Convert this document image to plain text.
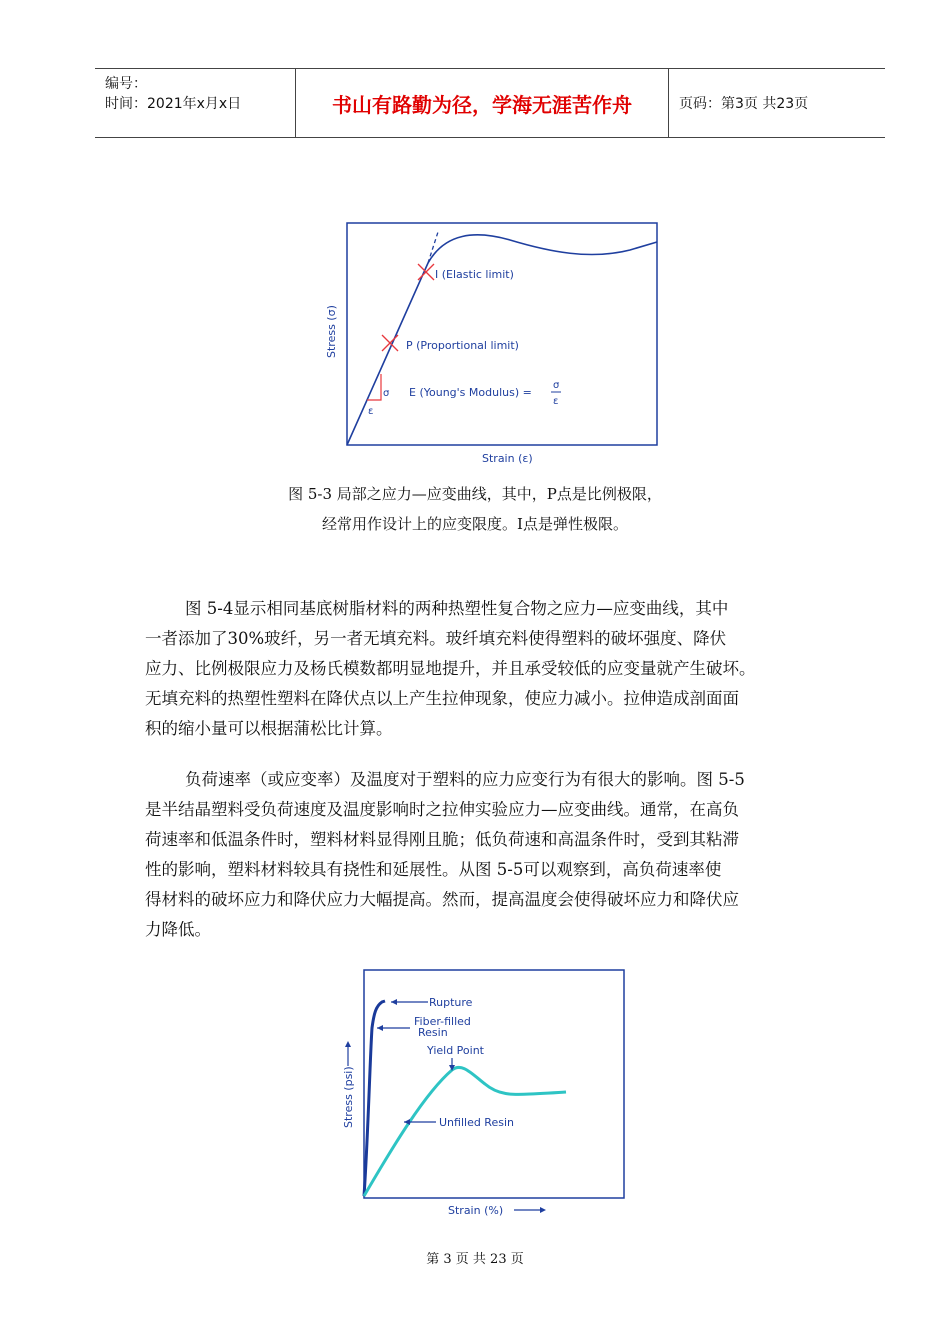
编号：
时间：2021年x月x日	书山有路勤为径，学海无涯苦作舟	页码：第3页 共23页
I (Elastic limit)
P (Proportional limit)
σ
ε
E (Young's Modulus) =
σ
ε
Strain (ε)
Stress (σ)
图 5-3 局部之应力—应变曲线，其中，P点是比例极限，
经常用作设计上的应变限度。I点是弹性极限。

图 5-4显示相同基底树脂材料的两种热塑性复合物之应力—应变曲线，其中

一者添加了30%玻纤，另一者无填充料。玻纤填充料使得塑料的破坏强度、降伏

应力、比例极限应力及杨氏模数都明显地提升，并且承受较低的应变量就产生破坏。

无填充料的热塑性塑料在降伏点以上产生拉伸现象，使应力减小。拉伸造成剖面面

积的缩小量可以根据蒲松比计算。

负荷速率（或应变率）及温度对于塑料的应力应变行为有很大的影响。图 5-5

是半结晶塑料受负荷速度及温度影响时之拉伸实验应力—应变曲线。通常，在高负

荷速率和低温条件时，塑料材料显得刚且脆；低负荷速和高温条件时，受到其粘滞

性的影响，塑料材料较具有挠性和延展性。从图 5-5可以观察到，高负荷速率使

得材料的破坏应力和降伏应力大幅提高。然而，提高温度会使得破坏应力和降伏应

力降低。

Rupture
Fiber-filled
Resin
Yield Point
Unfilled Resin
Strain (%)
Stress (psi)
第 3 页 共 23 页
